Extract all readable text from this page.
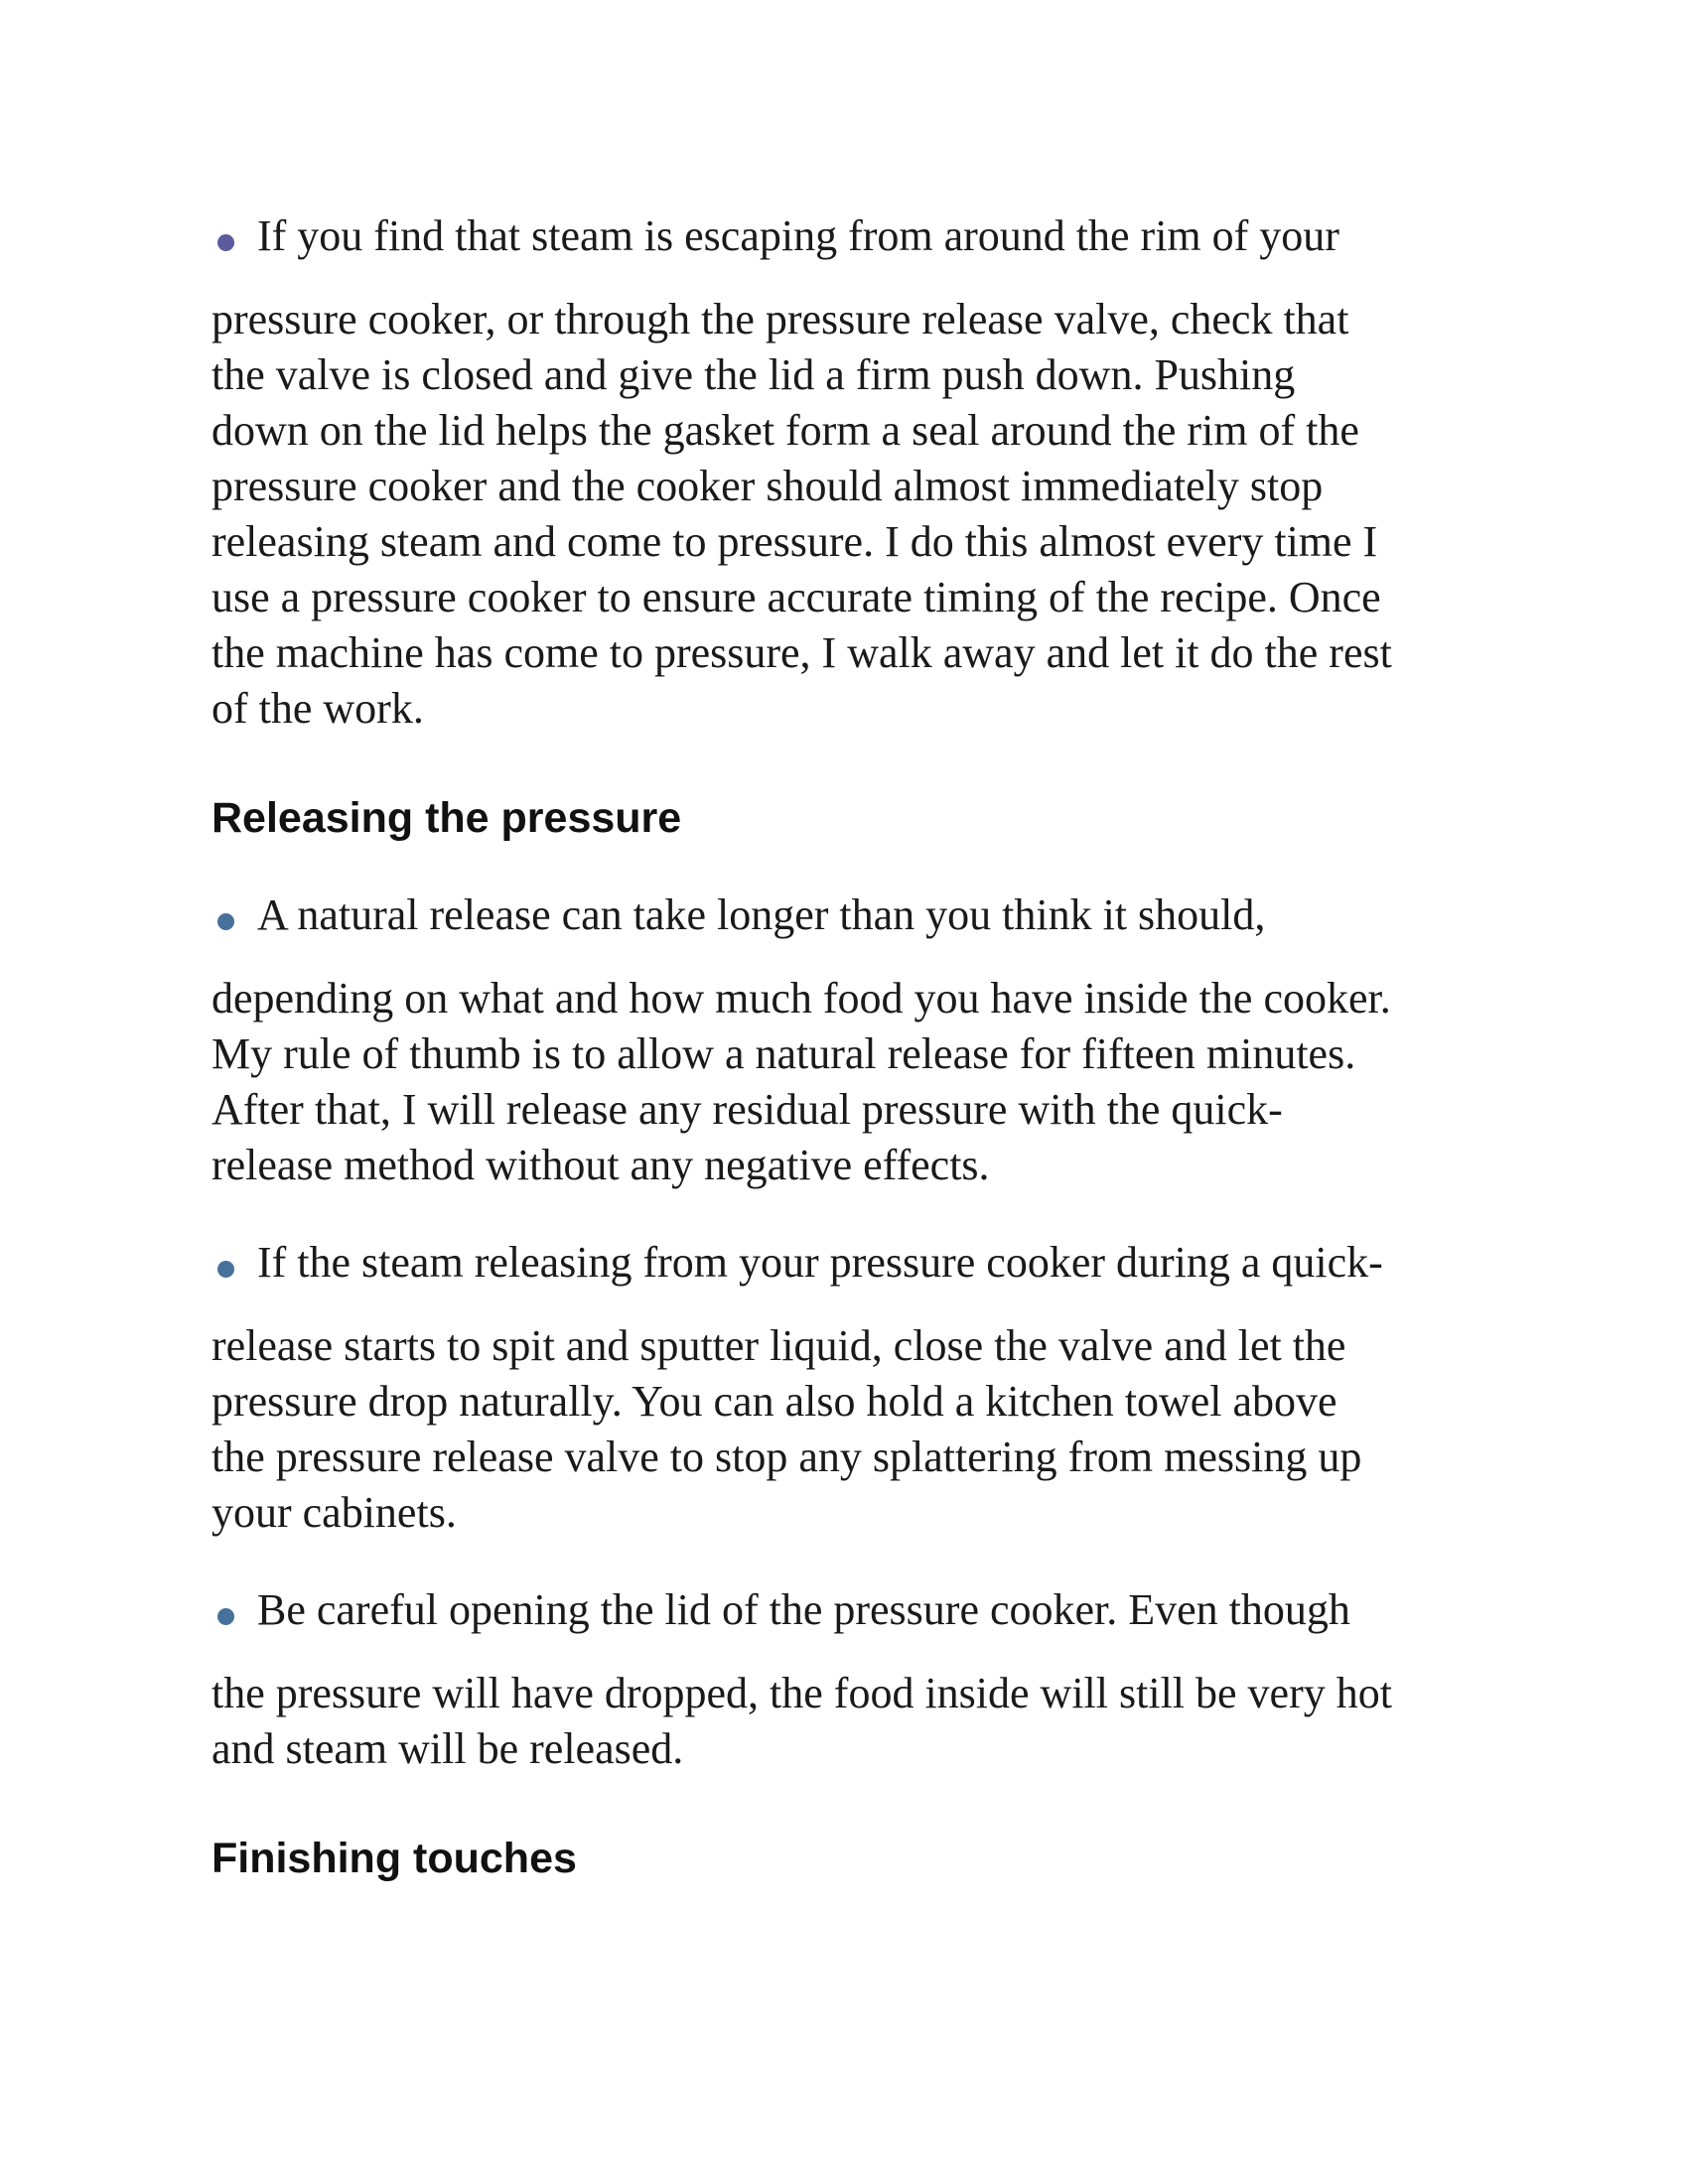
If you find that steam is escaping from around the rim of your

pressure cooker, or through the pressure release valve, check that
the valve is closed and give the lid a firm push down. Pushing
down on the lid helps the gasket form a seal around the rim of the
pressure cooker and the cooker should almost immediately stop
releasing steam and come to pressure. I do this almost every time I
use a pressure cooker to ensure accurate timing of the recipe. Once
the machine has come to pressure, I walk away and let it do the rest
of the work.
Releasing the pressure

A natural release can take longer than you think it should,

depending on what and how much food you have inside the cooker.
My rule of thumb is to allow a natural release for fifteen minutes.
After that, I will release any residual pressure with the quick-
release method without any negative effects.

If the steam releasing from your pressure cooker during a quick-

release starts to spit and sputter liquid, close the valve and let the
pressure drop naturally. You can also hold a kitchen towel above
the pressure release valve to stop any splattering from messing up
your cabinets.

Be careful opening the lid of the pressure cooker. Even though

the pressure will have dropped, the food inside will still be very hot
and steam will be released.
Finishing touches
